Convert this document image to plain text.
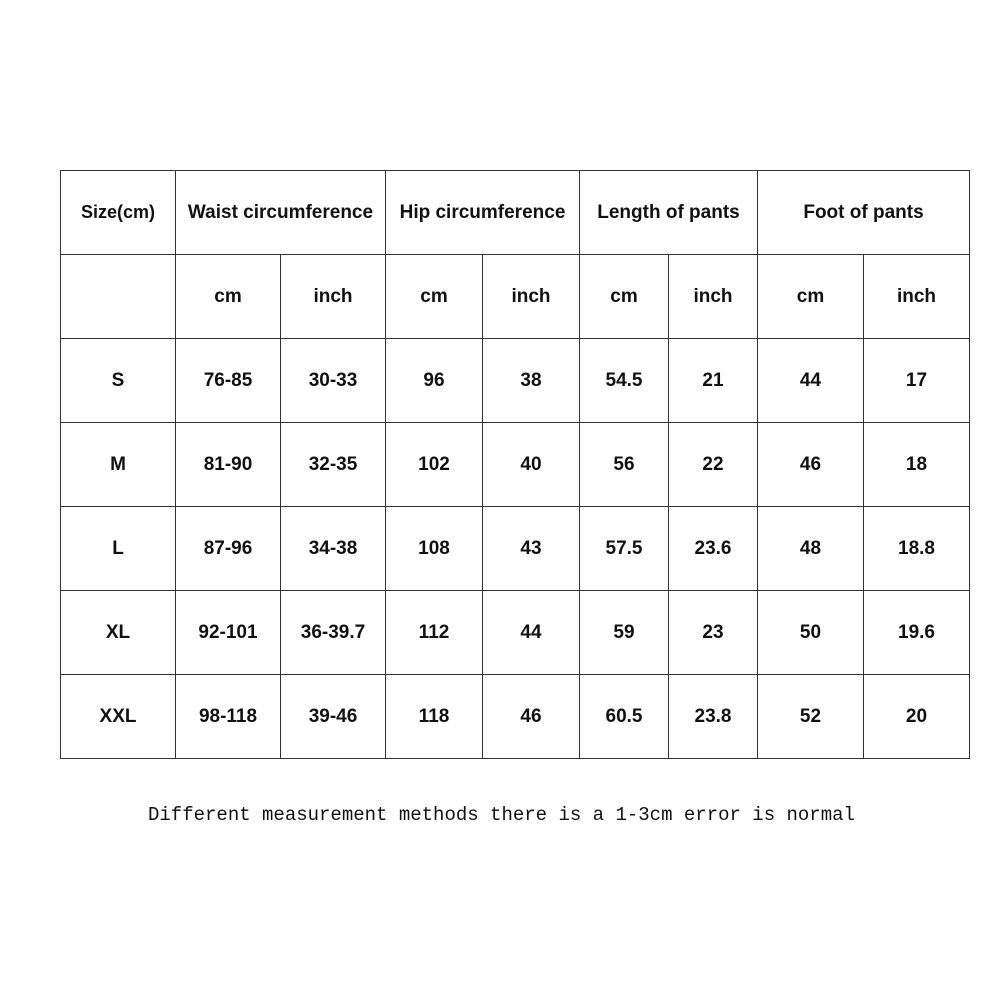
Size(cm)	Waist circumference		Hip circumference		Length of pants		Foot of pants	
	cm	inch	cm	inch	cm	inch	cm	inch
S	76-85	30-33	96	38	54.5	21	44	17
M	81-90	32-35	102	40	56	22	46	18
L	87-96	34-38	108	43	57.5	23.6	48	18.8
XL	92-101	36-39.7	112	44	59	23	50	19.6
XXL	98-118	39-46	118	46	60.5	23.8	52	20
Different measurement methods there is a 1-3cm error is normal
